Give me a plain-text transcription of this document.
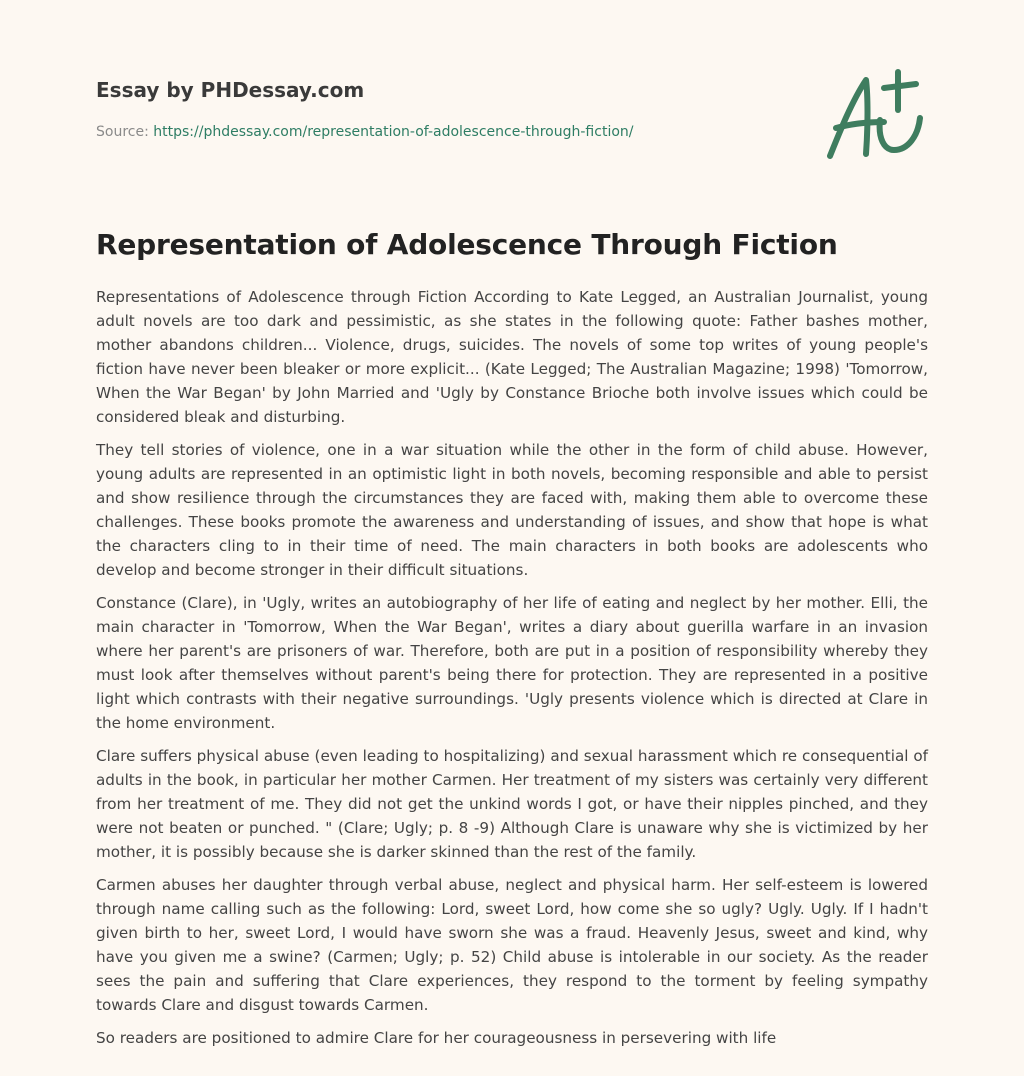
Essay by PHDessay.com

Source: https://phdessay.com/representation-of-adolescence-through-fiction/

Representation of Adolescence Through Fiction

Representations of Adolescence through Fiction According to Kate Legged, an Australian Journalist, young adult novels are too dark and pessimistic, as she states in the following quote: Father bashes mother, mother abandons children... Violence, drugs, suicides. The novels of some top writes of young people's fiction have never been bleaker or more explicit... (Kate Legged; The Australian Magazine; 1998) 'Tomorrow, When the War Began' by John Married and 'Ugly by Constance Brioche both involve issues which could be considered bleak and disturbing.

They tell stories of violence, one in a war situation while the other in the form of child abuse. However, young adults are represented in an optimistic light in both novels, becoming responsible and able to persist and show resilience through the circumstances they are faced with, making them able to overcome these challenges. These books promote the awareness and understanding of issues, and show that hope is what the characters cling to in their time of need. The main characters in both books are adolescents who develop and become stronger in their difficult situations.

Constance (Clare), in 'Ugly, writes an autobiography of her life of eating and neglect by her mother. Elli, the main character in 'Tomorrow, When the War Began', writes a diary about guerilla warfare in an invasion where her parent's are prisoners of war. Therefore, both are put in a position of responsibility whereby they must look after themselves without parent's being there for protection. They are represented in a positive light which contrasts with their negative surroundings. 'Ugly presents violence which is directed at Clare in the home environment.

Clare suffers physical abuse (even leading to hospitalizing) and sexual harassment which re consequential of adults in the book, in particular her mother Carmen. Her treatment of my sisters was certainly very different from her treatment of me. They did not get the unkind words I got, or have their nipples pinched, and they were not beaten or punched. " (Clare; Ugly; p. 8 -9) Although Clare is unaware why she is victimized by her mother, it is possibly because she is darker skinned than the rest of the family.

Carmen abuses her daughter through verbal abuse, neglect and physical harm. Her self-esteem is lowered through name calling such as the following: Lord, sweet Lord, how come she so ugly? Ugly. Ugly. If I hadn't given birth to her, sweet Lord, I would have sworn she was a fraud. Heavenly Jesus, sweet and kind, why have you given me a swine? (Carmen; Ugly; p. 52) Child abuse is intolerable in our society. As the reader sees the pain and suffering that Clare experiences, they respond to the torment by feeling sympathy towards Clare and disgust towards Carmen.

So readers are positioned to admire Clare for her courageousness in persevering with life
